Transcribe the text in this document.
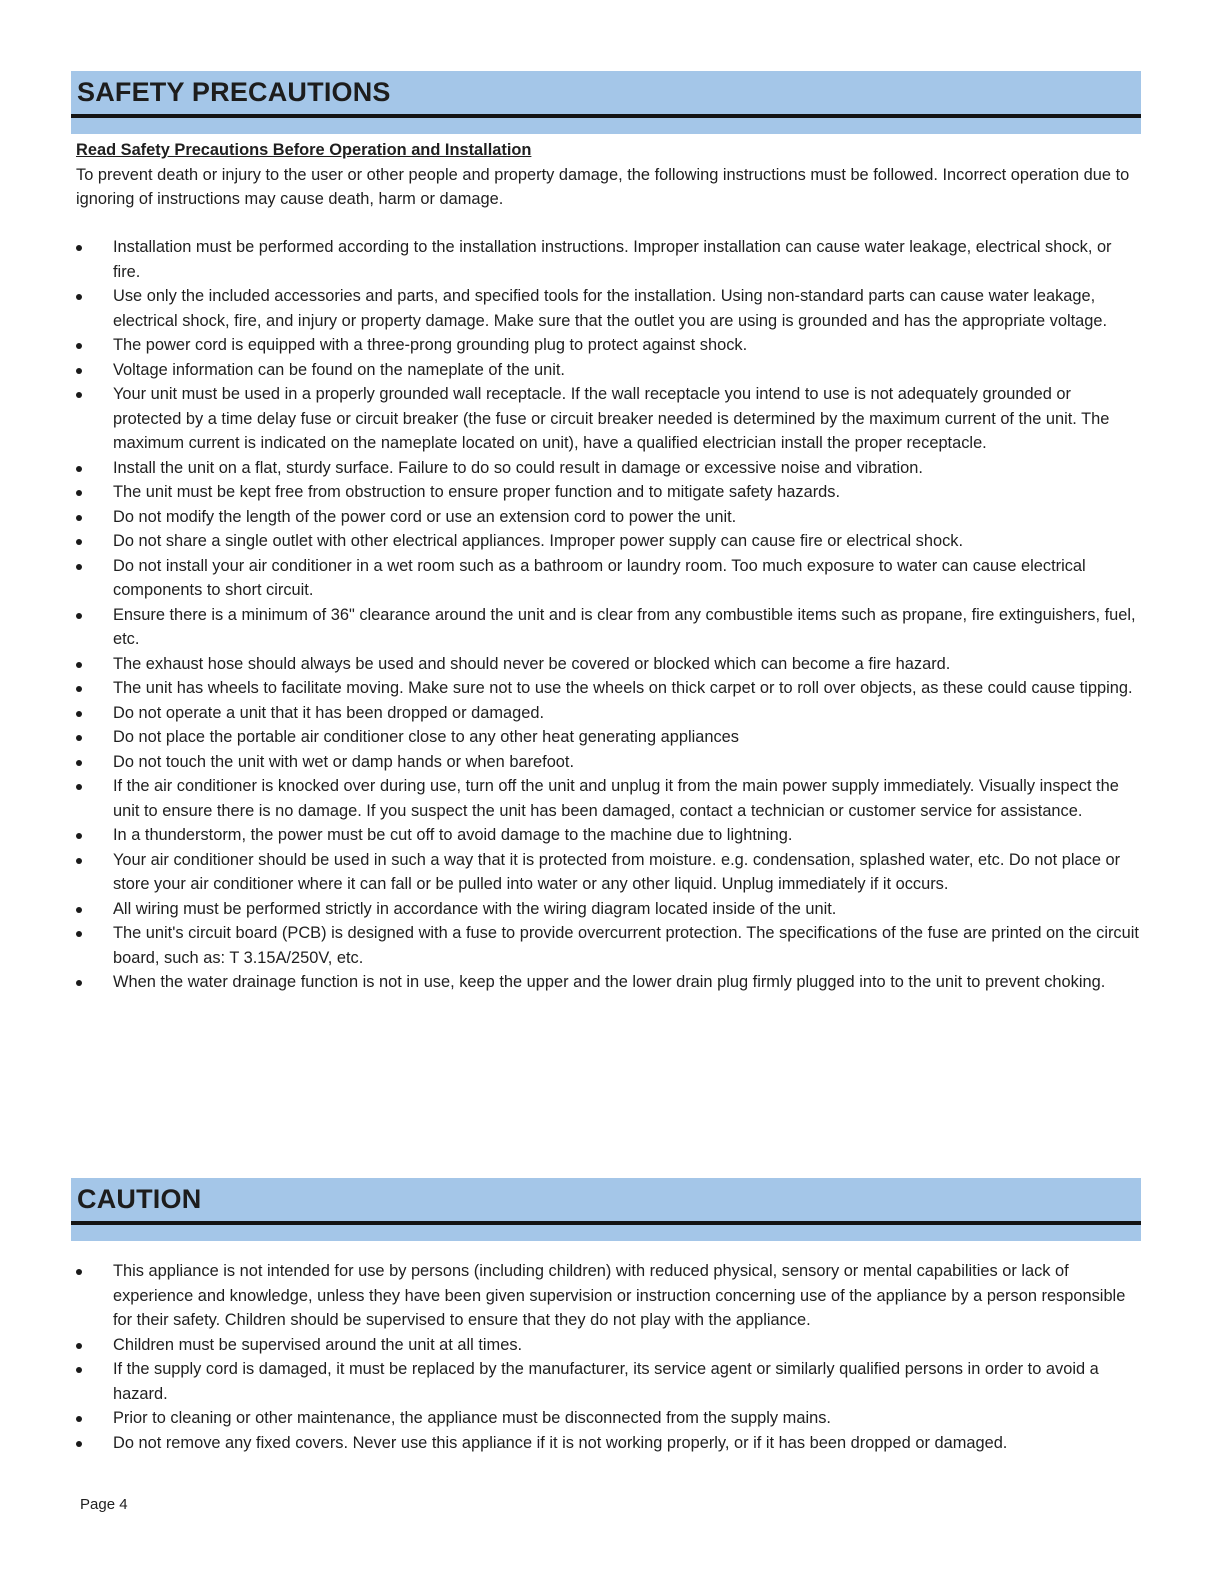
SAFETY PRECAUTIONS
Read Safety Precautions Before Operation and Installation
To prevent death or injury to the user or other people and property damage, the following instructions must be followed. Incorrect operation due to ignoring of instructions may cause death, harm or damage.
Installation must be performed according to the installation instructions. Improper installation can cause water leakage, electrical shock, or fire.
Use only the included accessories and parts, and specified tools for the installation. Using non-standard parts can cause water leakage, electrical shock, fire, and injury or property damage. Make sure that the outlet you are using is grounded and has the appropriate voltage.
The power cord is equipped with a three-prong grounding plug to protect against shock.
Voltage information can be found on the nameplate of the unit.
Your unit must be used in a properly grounded wall receptacle. If the wall receptacle you intend to use is not adequately grounded or protected by a time delay fuse or circuit breaker (the fuse or circuit breaker needed is determined by the maximum current of the unit. The maximum current is indicated on the nameplate located on unit), have a qualified electrician install the proper receptacle.
Install the unit on a flat, sturdy surface. Failure to do so could result in damage or excessive noise and vibration.
The unit must be kept free from obstruction to ensure proper function and to mitigate safety hazards.
Do not modify the length of the power cord or use an extension cord to power the unit.
Do not share a single outlet with other electrical appliances. Improper power supply can cause fire or electrical shock.
Do not install your air conditioner in a wet room such as a bathroom or laundry room. Too much exposure to water can cause electrical components to short circuit.
Ensure there is a minimum of 36" clearance around the unit and is clear from any combustible items such as propane, fire extinguishers, fuel, etc.
The exhaust hose should always be used and should never be covered or blocked which can become a fire hazard.
The unit has wheels to facilitate moving. Make sure not to use the wheels on thick carpet or to roll over objects, as these could cause tipping.
Do not operate a unit that it has been dropped or damaged.
Do not place the portable air conditioner close to any other heat generating appliances
Do not touch the unit with wet or damp hands or when barefoot.
If the air conditioner is knocked over during use, turn off the unit and unplug it from the main power supply immediately. Visually inspect the unit to ensure there is no damage. If you suspect the unit has been damaged, contact a technician or customer service for assistance.
In a thunderstorm, the power must be cut off to avoid damage to the machine due to lightning.
Your air conditioner should be used in such a way that it is protected from moisture. e.g. condensation, splashed water, etc. Do not place or store your air conditioner where it can fall or be pulled into water or any other liquid. Unplug immediately if it occurs.
All wiring must be performed strictly in accordance with the wiring diagram located inside of the unit.
The unit's circuit board (PCB) is designed with a fuse to provide overcurrent protection. The specifications of the fuse are printed on the circuit board, such as: T 3.15A/250V, etc.
When the water drainage function is not in use, keep the upper and the lower drain plug firmly plugged into to the unit to prevent choking.
CAUTION
This appliance is not intended for use by persons (including children) with reduced physical, sensory or mental capabilities or lack of experience and knowledge, unless they have been given supervision or instruction concerning use of the appliance by a person responsible for their safety. Children should be supervised to ensure that they do not play with the appliance.
Children must be supervised around the unit at all times.
If the supply cord is damaged, it must be replaced by the manufacturer, its service agent or similarly qualified persons in order to avoid a hazard.
Prior to cleaning or other maintenance, the appliance must be disconnected from the supply mains.
Do not remove any fixed covers. Never use this appliance if it is not working properly, or if it has been dropped or damaged.
Page 4
